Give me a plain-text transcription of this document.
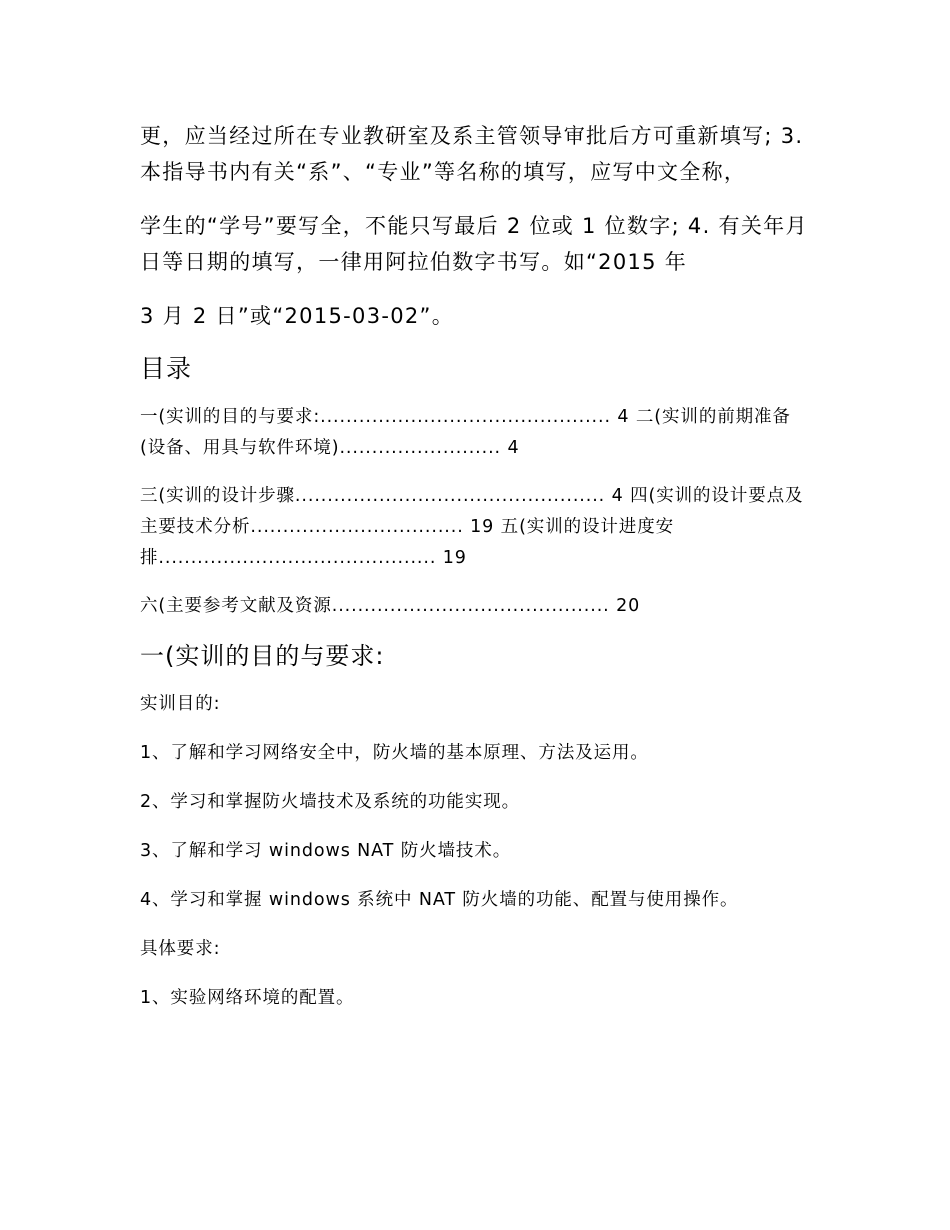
更，应当经过所在专业教研室及系主管领导审批后方可重新填写; 3. 本指导书内有关“系”、“专业”等名称的填写，应写中文全称，

学生的“学号”要写全，不能只写最后 2 位或 1 位数字; 4. 有关年月日等日期的填写，一律用阿拉伯数字书写。如“2015 年

3 月 2 日”或“2015-03-02”。

目录

一(实训的目的与要求:............................................. 4 二(实训的前期准备(设备、用具与软件环境)......................... 4

三(实训的设计步骤................................................ 4 四(实训的设计要点及主要技术分析................................. 19 五(实训的设计进度安排........................................... 19

六(主要参考文献及资源........................................... 20

一(实训的目的与要求:

实训目的:

1、了解和学习网络安全中，防火墙的基本原理、方法及运用。

2、学习和掌握防火墙技术及系统的功能实现。

3、了解和学习 windows NAT 防火墙技术。

4、学习和掌握 windows 系统中 NAT 防火墙的功能、配置与使用操作。

具体要求:

1、实验网络环境的配置。
